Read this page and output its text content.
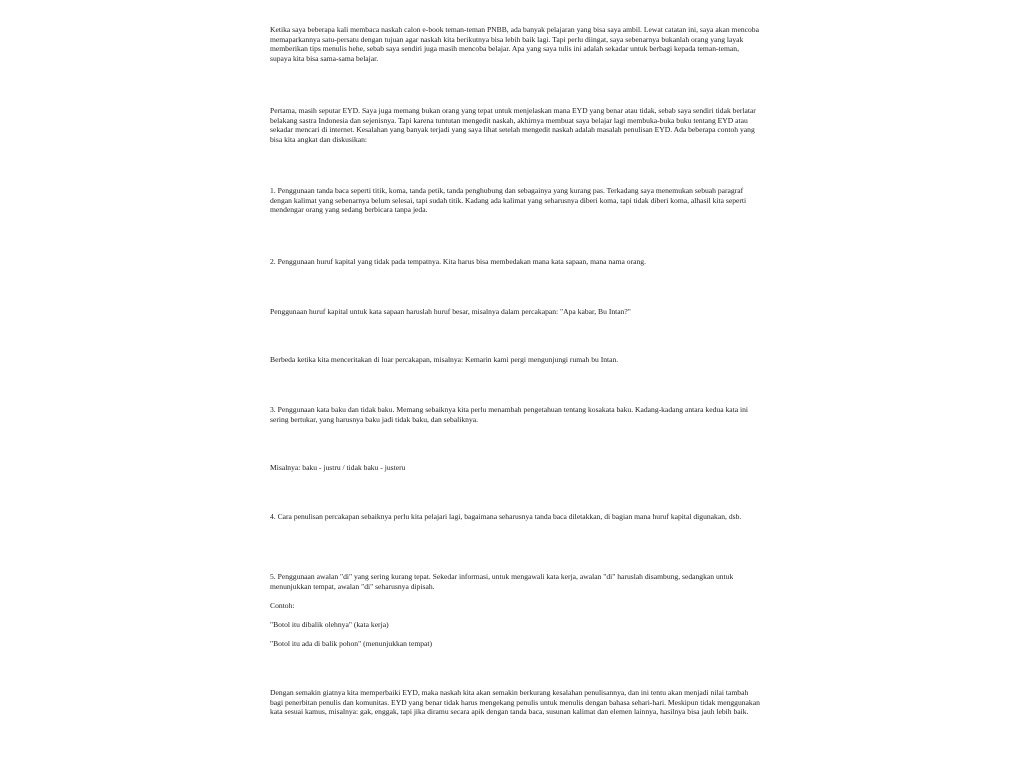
Ketika saya beberapa kali membaca naskah calon e-book teman-teman PNBB, ada banyak pelajaran yang bisa saya ambil. Lewat catatan ini, saya akan mencoba memaparkannya satu-persatu dengan tujuan agar naskah kita berikutnya bisa lebih baik lagi. Tapi perlu diingat, saya sebenarnya bukanlah orang yang layak memberikan tips menulis hehe, sebab saya sendiri juga masih mencoba belajar. Apa yang saya tulis ini adalah sekadar untuk berbagi kepada teman-teman, supaya kita bisa sama-sama belajar.

Pertama, masih seputar EYD. Saya juga memang bukan orang yang tepat untuk menjelaskan mana EYD yang benar atau tidak, sebab saya sendiri tidak berlatar belakang sastra Indonesia dan sejenisnya. Tapi karena tuntutan mengedit naskah, akhirnya membuat saya belajar lagi membuka-buka buku tentang EYD atau sekadar mencari di internet. Kesalahan yang banyak terjadi yang saya lihat setelah mengedit naskah adalah masalah penulisan EYD. Ada beberapa contoh yang bisa kita angkat dan diskusikan:

1. Penggunaan tanda baca seperti titik, koma, tanda petik, tanda penghubung dan sebagainya yang kurang pas. Terkadang saya menemukan sebuah paragraf dengan kalimat yang sebenarnya belum selesai, tapi sudah titik. Kadang ada kalimat yang seharusnya diberi koma, tapi tidak diberi koma, alhasil kita seperti mendengar orang yang sedang berbicara tanpa jeda.

2. Penggunaan huruf kapital yang tidak pada tempatnya. Kita harus bisa membedakan mana kata sapaan, mana nama orang.

Penggunaan huruf kapital untuk kata sapaan haruslah huruf besar, misalnya dalam percakapan: "Apa kabar, Bu Intan?"

Berbeda ketika kita menceritakan di luar percakapan, misalnya: Kemarin kami pergi mengunjungi rumah bu Intan.

3. Penggunaan kata baku dan tidak baku. Memang sebaiknya kita perlu menambah pengetahuan tentang kosakata baku. Kadang-kadang antara kedua kata ini sering bertukar, yang harusnya baku jadi tidak baku, dan sebaliknya.

Misalnya: baku - justru / tidak baku - justeru

4. Cara penulisan percakapan sebaiknya perlu kita pelajari lagi, bagaimana seharusnya tanda baca diletakkan, di bagian mana huruf kapital digunakan, dsb.

5. Penggunaan awalan "di" yang sering kurang tepat. Sekedar informasi, untuk mengawali kata kerja, awalan "di" haruslah disambung, sedangkan untuk menunjukkan tempat, awalan "di" seharusnya dipisah.

Contoh:

"Botol itu dibalik olehnya" (kata kerja)

"Botol itu ada di balik pohon" (menunjukkan tempat)

Dengan semakin giatnya kita memperbaiki EYD, maka naskah kita akan semakin berkurang kesalahan penulisannya, dan ini tentu akan menjadi nilai tambah bagi penerbitan penulis dan komunitas. EYD yang benar tidak harus mengekang penulis untuk menulis dengan bahasa sehari-hari. Meskipun tidak menggunakan kata sesuai kamus, misalnya: gak, enggak, tapi jika diramu secara apik dengan tanda baca, susunan kalimat dan elemen lainnya, hasilnya bisa jauh lebih baik.
